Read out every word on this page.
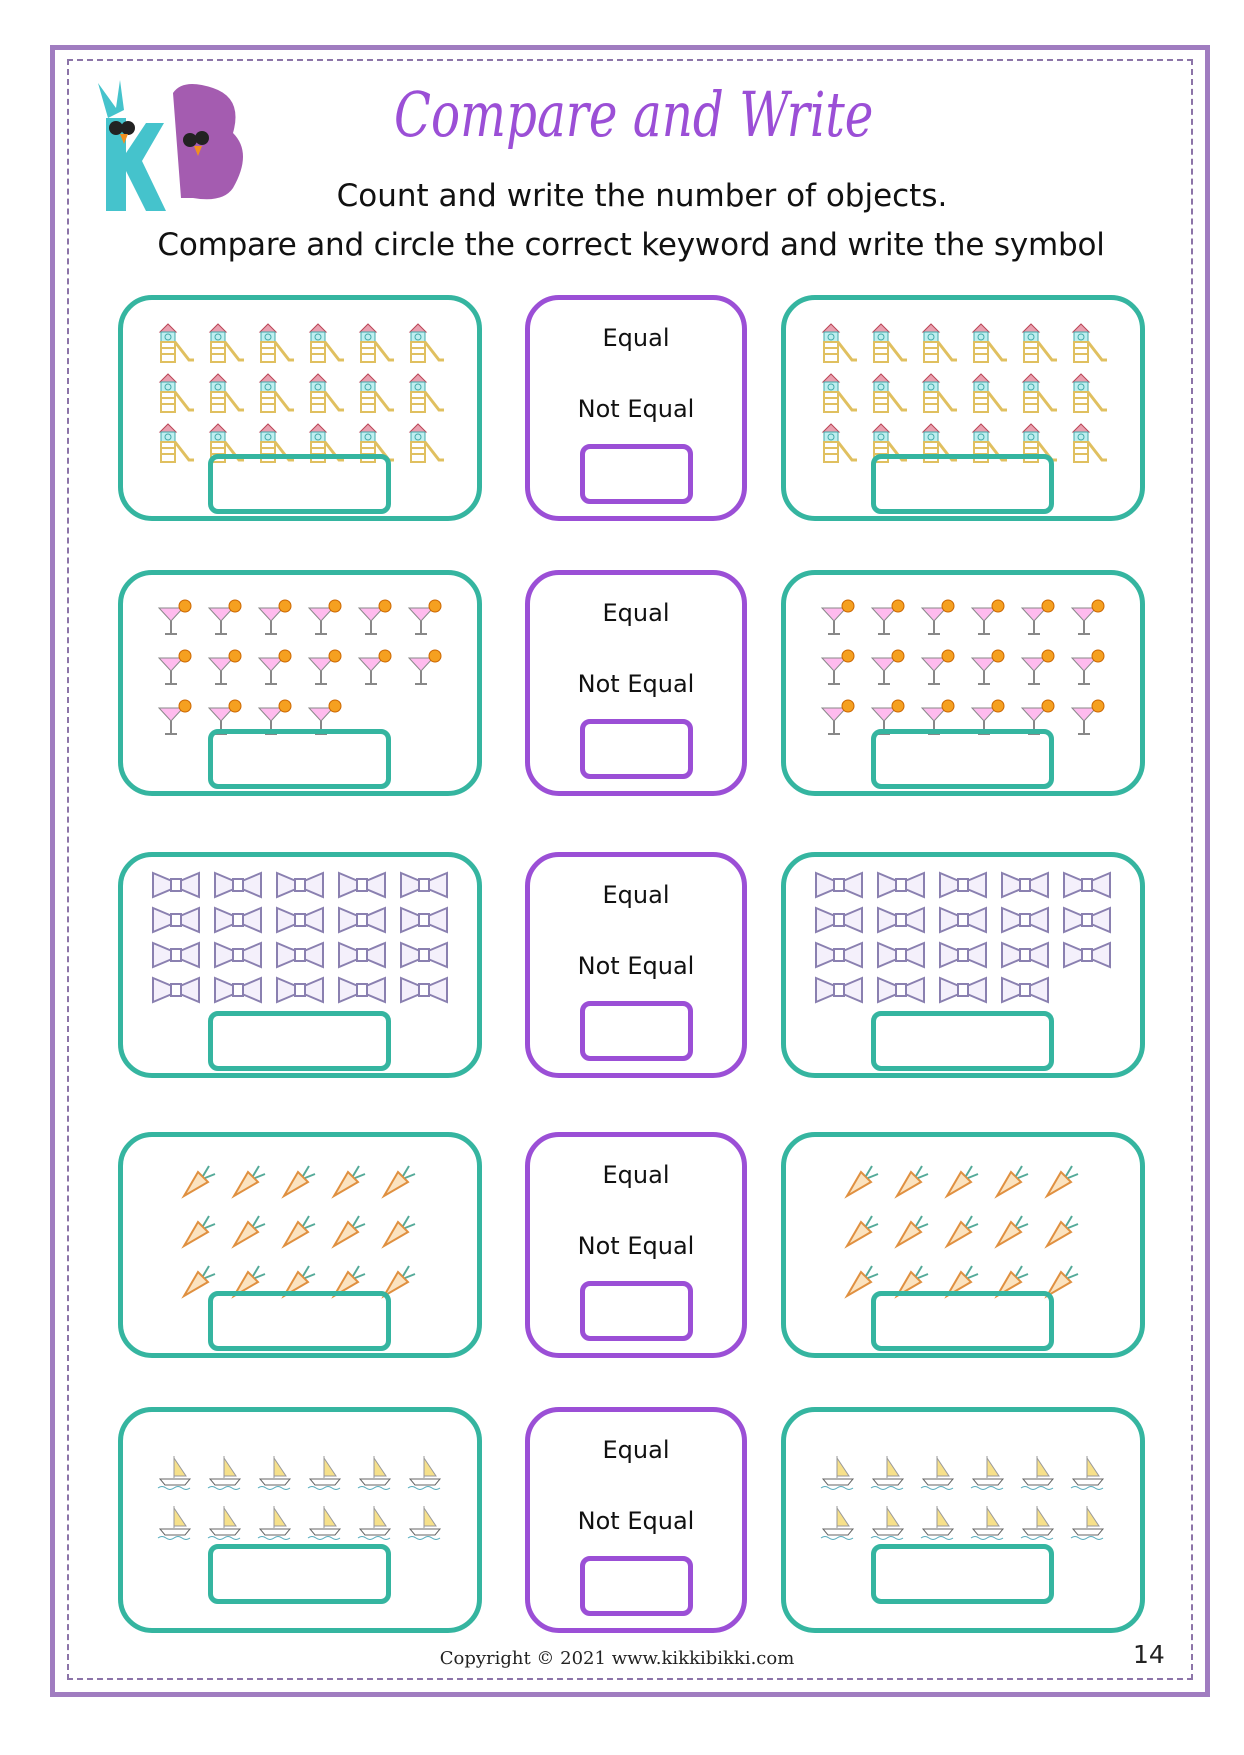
Compare and Write
Count and write the number of objects.
Compare and circle the correct keyword and write the symbol
Equal
Not Equal
Equal
Not Equal
Equal
Not Equal
Equal
Not Equal
Equal
Not Equal
Copyright © 2021 www.kikkibikki.com	14
